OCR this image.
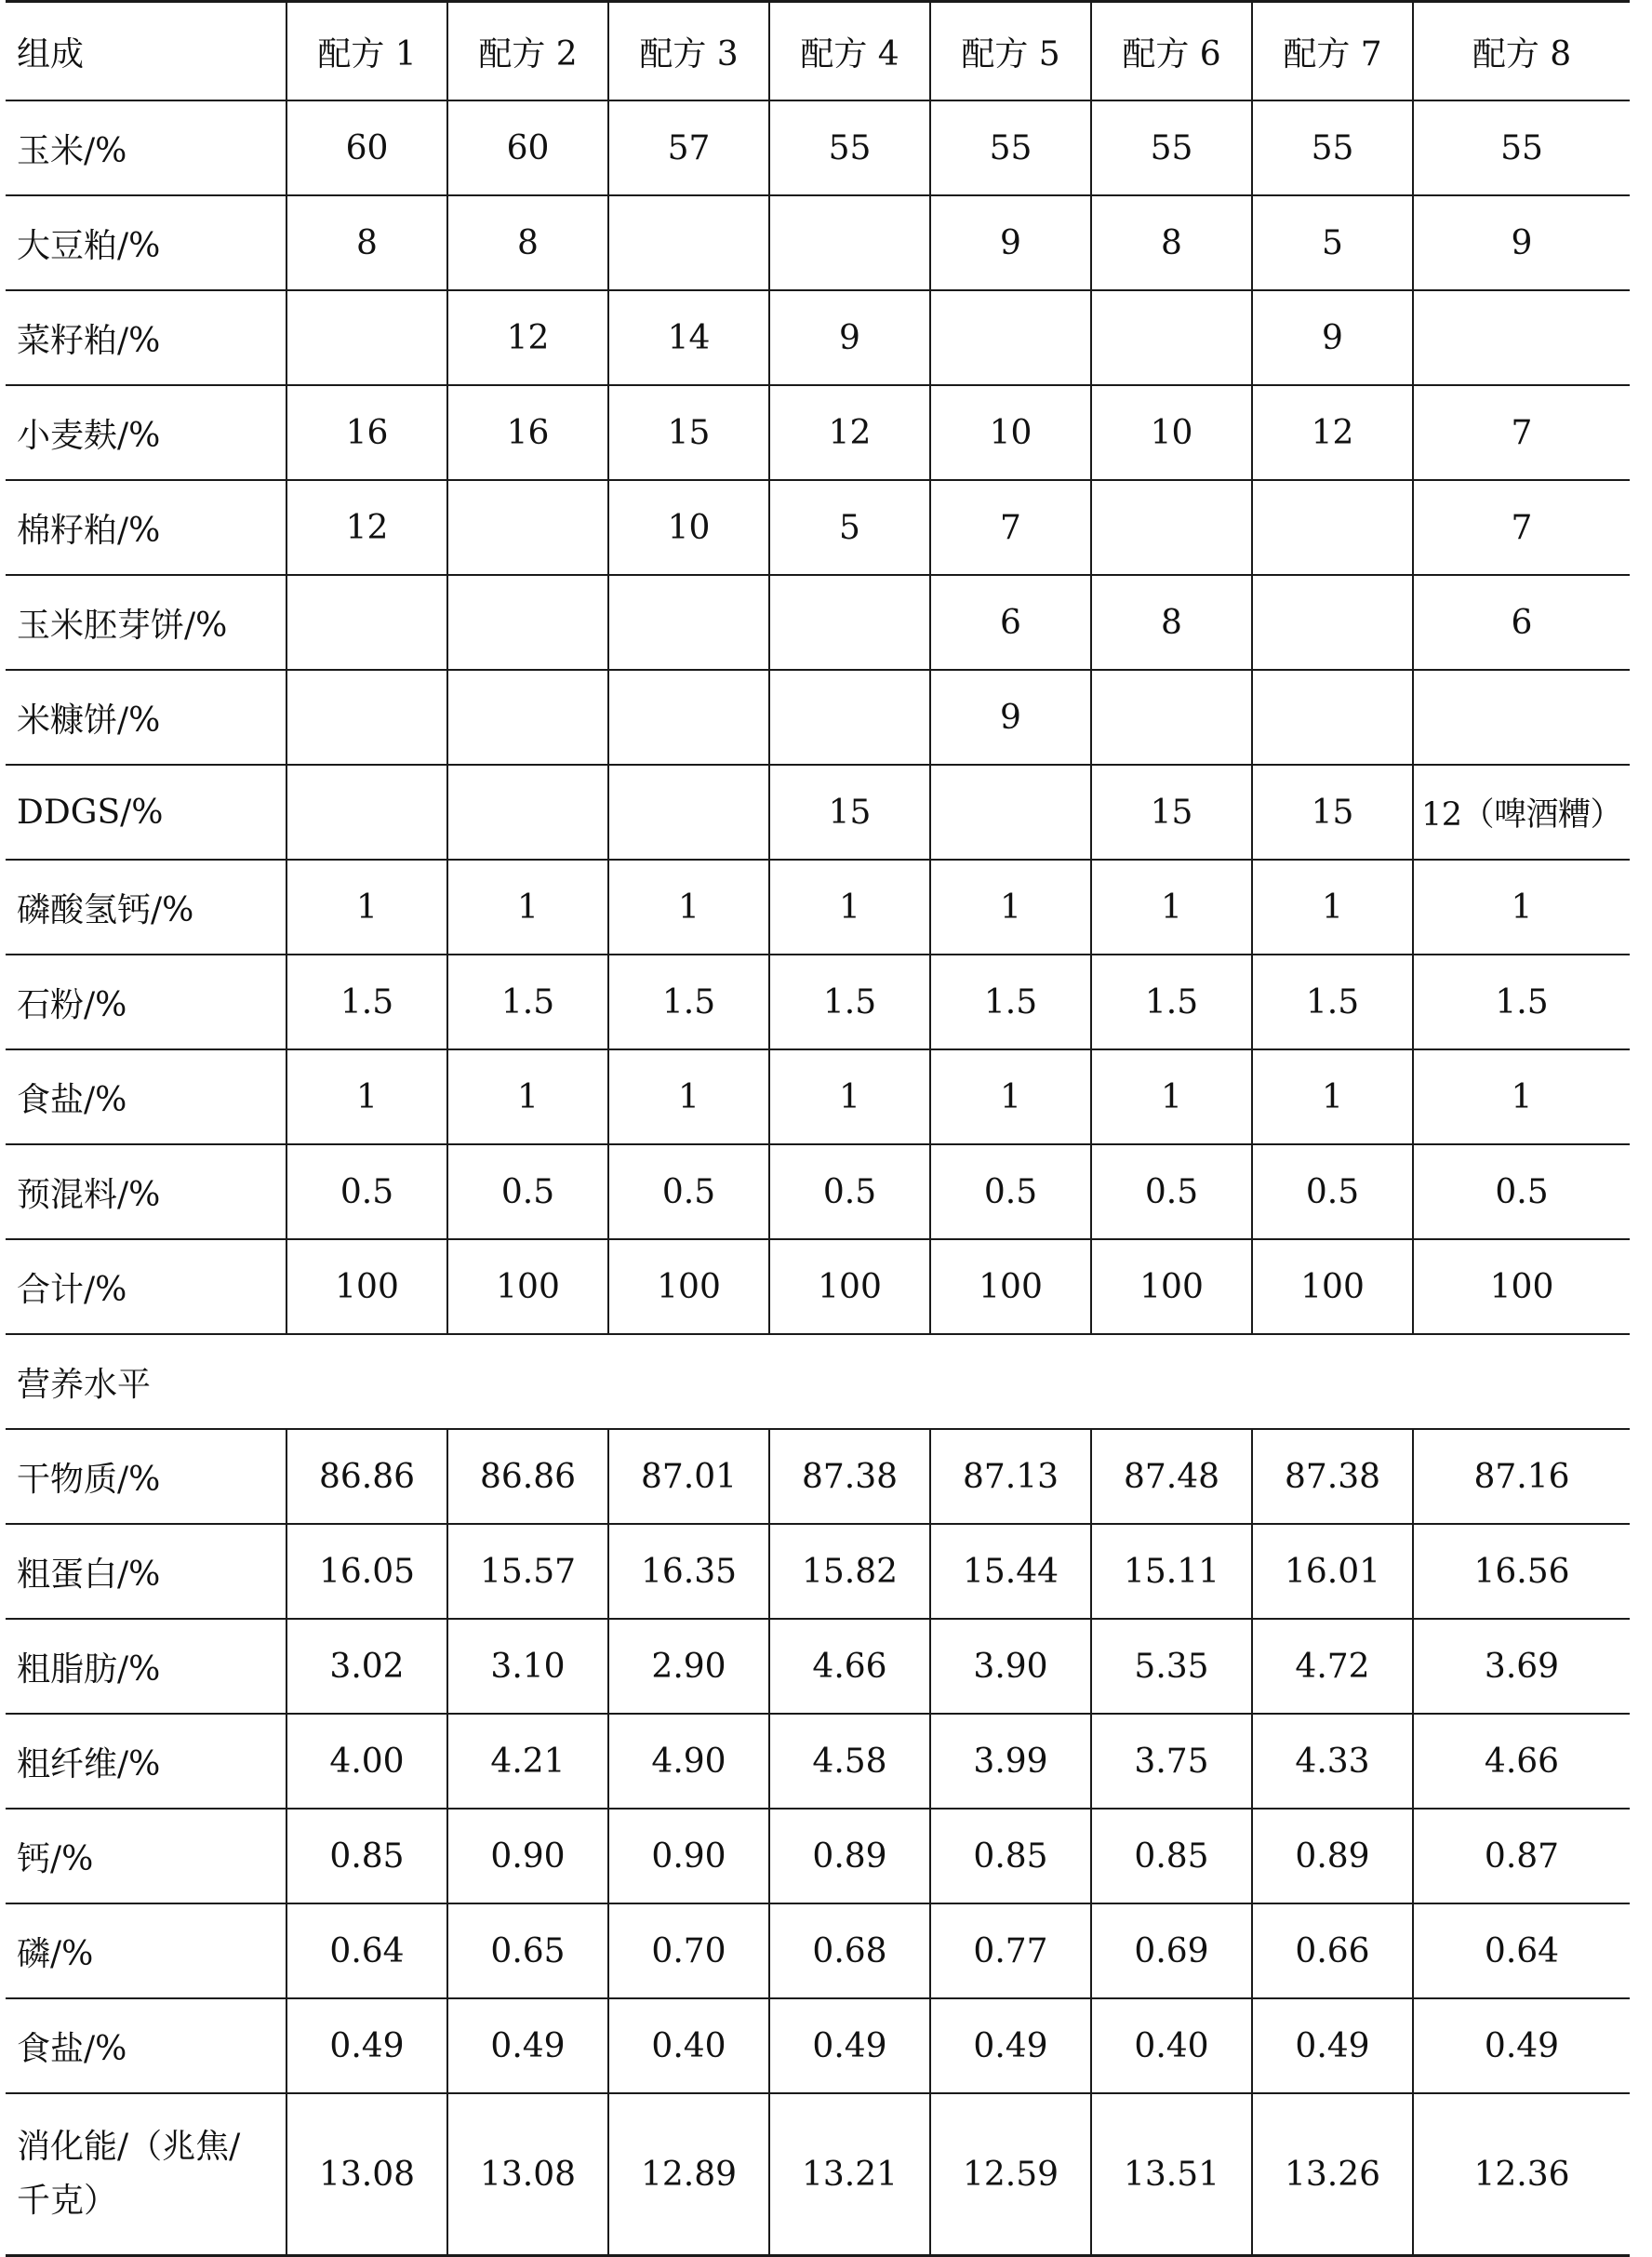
组成	配方 1	配方 2	配方 3	配方 4	配方 5	配方 6	配方 7	配方 8
玉米/%	60	60	57	55	55	55	55	55
大豆粕/%	8	8			9	8	5	9
菜籽粕/%		12	14	9			9	
小麦麸/%	16	16	15	12	10	10	12	7
棉籽粕/%	12		10	5	7			7
玉米胚芽饼/%					6	8		6
米糠饼/%					9			
DDGS/%				15		15	15	12（啤酒糟）
磷酸氢钙/%	1	1	1	1	1	1	1	1
石粉/%	1.5	1.5	1.5	1.5	1.5	1.5	1.5	1.5
食盐/%	1	1	1	1	1	1	1	1
预混料/%	0.5	0.5	0.5	0.5	0.5	0.5	0.5	0.5
合计/%	100	100	100	100	100	100	100	100
营养水平								
干物质/%	86.86	86.86	87.01	87.38	87.13	87.48	87.38	87.16
粗蛋白/%	16.05	15.57	16.35	15.82	15.44	15.11	16.01	16.56
粗脂肪/%	3.02	3.10	2.90	4.66	3.90	5.35	4.72	3.69
粗纤维/%	4.00	4.21	4.90	4.58	3.99	3.75	4.33	4.66
钙/%	0.85	0.90	0.90	0.89	0.85	0.85	0.89	0.87
磷/%	0.64	0.65	0.70	0.68	0.77	0.69	0.66	0.64
食盐/%	0.49	0.49	0.40	0.49	0.49	0.40	0.49	0.49
消化能/（兆焦/千克）	13.08	13.08	12.89	13.21	12.59	13.51	13.26	12.36
